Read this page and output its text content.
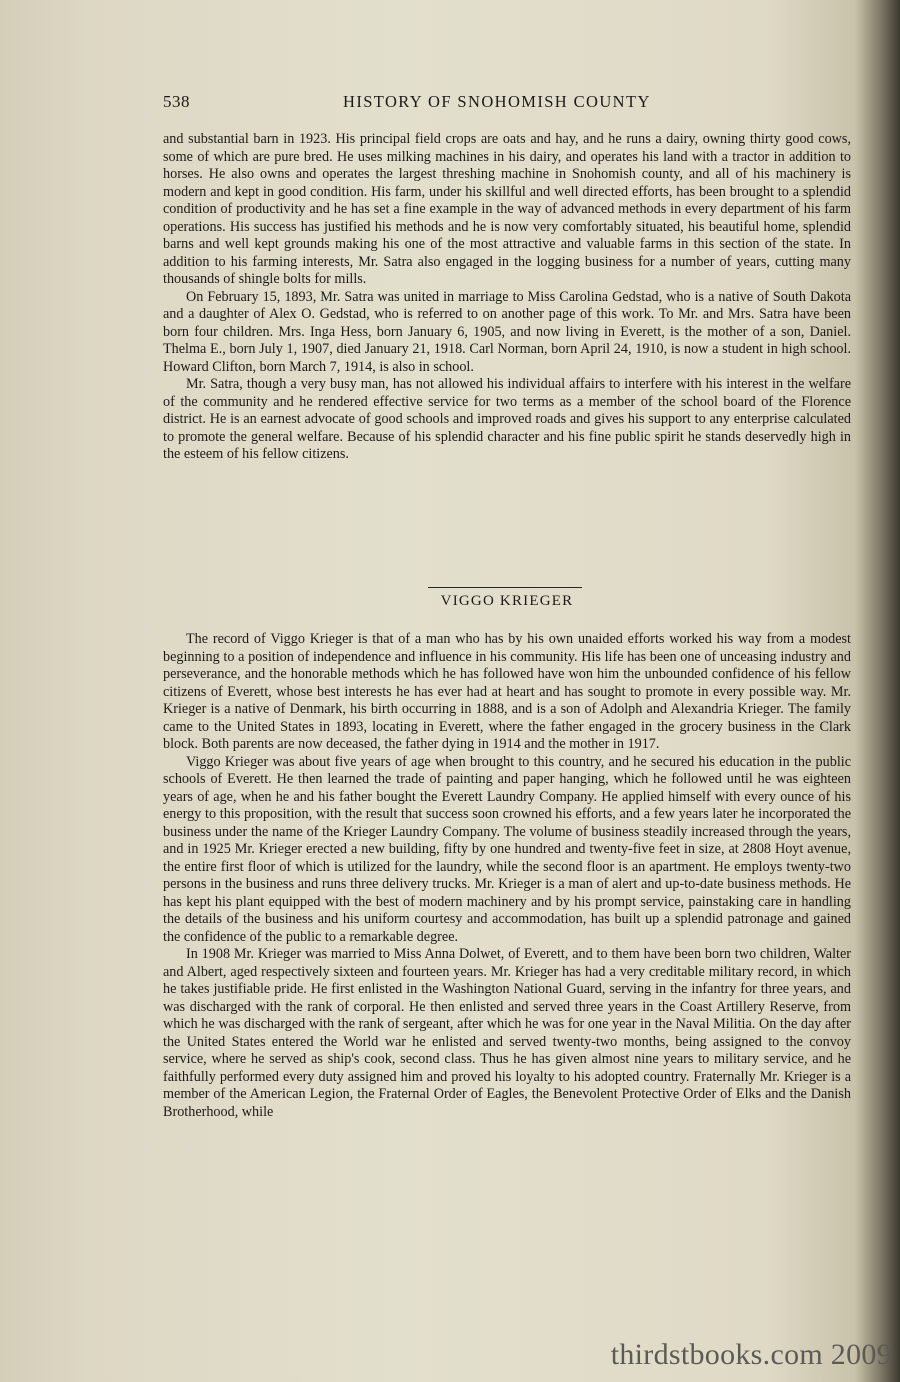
538	HISTORY OF SNOHOMISH COUNTY

and substantial barn in 1923. His principal field crops are oats and hay, and he runs a dairy, owning thirty good cows, some of which are pure bred. He uses milking machines in his dairy, and operates his land with a tractor in addition to horses. He also owns and operates the largest threshing machine in Snohomish county, and all of his machinery is modern and kept in good condition. His farm, under his skillful and well directed efforts, has been brought to a splendid condition of productivity and he has set a fine example in the way of advanced methods in every department of his farm operations. His success has justified his methods and he is now very comfortably situated, his beautiful home, splendid barns and well kept grounds making his one of the most attractive and valuable farms in this section of the state. In addition to his farming interests, Mr. Satra also engaged in the logging business for a number of years, cutting many thousands of shingle bolts for mills.

On February 15, 1893, Mr. Satra was united in marriage to Miss Carolina Gedstad, who is a native of South Dakota and a daughter of Alex O. Gedstad, who is referred to on another page of this work. To Mr. and Mrs. Satra have been born four children. Mrs. Inga Hess, born January 6, 1905, and now living in Everett, is the mother of a son, Daniel. Thelma E., born July 1, 1907, died January 21, 1918. Carl Norman, born April 24, 1910, is now a student in high school. Howard Clifton, born March 7, 1914, is also in school.

Mr. Satra, though a very busy man, has not allowed his individual affairs to interfere with his interest in the welfare of the community and he rendered effective service for two terms as a member of the school board of the Florence district. He is an earnest advocate of good schools and improved roads and gives his support to any enterprise calculated to promote the general welfare. Because of his splendid character and his fine public spirit he stands deservedly high in the esteem of his fellow citizens.

VIGGO KRIEGER

The record of Viggo Krieger is that of a man who has by his own unaided efforts worked his way from a modest beginning to a position of independence and influence in his community. His life has been one of unceasing industry and perseverance, and the honorable methods which he has followed have won him the unbounded confidence of his fellow citizens of Everett, whose best interests he has ever had at heart and has sought to promote in every possible way. Mr. Krieger is a native of Denmark, his birth occurring in 1888, and is a son of Adolph and Alexandria Krieger. The family came to the United States in 1893, locating in Everett, where the father engaged in the grocery business in the Clark block. Both parents are now deceased, the father dying in 1914 and the mother in 1917.

Viggo Krieger was about five years of age when brought to this country, and he secured his education in the public schools of Everett. He then learned the trade of painting and paper hanging, which he followed until he was eighteen years of age, when he and his father bought the Everett Laundry Company. He applied himself with every ounce of his energy to this proposition, with the result that success soon crowned his efforts, and a few years later he incorporated the business under the name of the Krieger Laundry Company. The volume of business steadily increased through the years, and in 1925 Mr. Krieger erected a new building, fifty by one hundred and twenty-five feet in size, at 2808 Hoyt avenue, the entire first floor of which is utilized for the laundry, while the second floor is an apartment. He employs twenty-two persons in the business and runs three delivery trucks. Mr. Krieger is a man of alert and up-to-date business methods. He has kept his plant equipped with the best of modern machinery and by his prompt service, painstaking care in handling the details of the business and his uniform courtesy and accommodation, has built up a splendid patronage and gained the confidence of the public to a remarkable degree.

In 1908 Mr. Krieger was married to Miss Anna Dolwet, of Everett, and to them have been born two children, Walter and Albert, aged respectively sixteen and fourteen years. Mr. Krieger has had a very creditable military record, in which he takes justifiable pride. He first enlisted in the Washington National Guard, serving in the infantry for three years, and was discharged with the rank of corporal. He then enlisted and served three years in the Coast Artillery Reserve, from which he was discharged with the rank of sergeant, after which he was for one year in the Naval Militia. On the day after the United States entered the World war he enlisted and served twenty-two months, being assigned to the convoy service, where he served as ship's cook, second class. Thus he has given almost nine years to military service, and he faithfully performed every duty assigned him and proved his loyalty to his adopted country. Fraternally Mr. Krieger is a member of the American Legion, the Fraternal Order of Eagles, the Benevolent Protective Order of Elks and the Danish Brotherhood, while

thirdstbooks.com 2009
